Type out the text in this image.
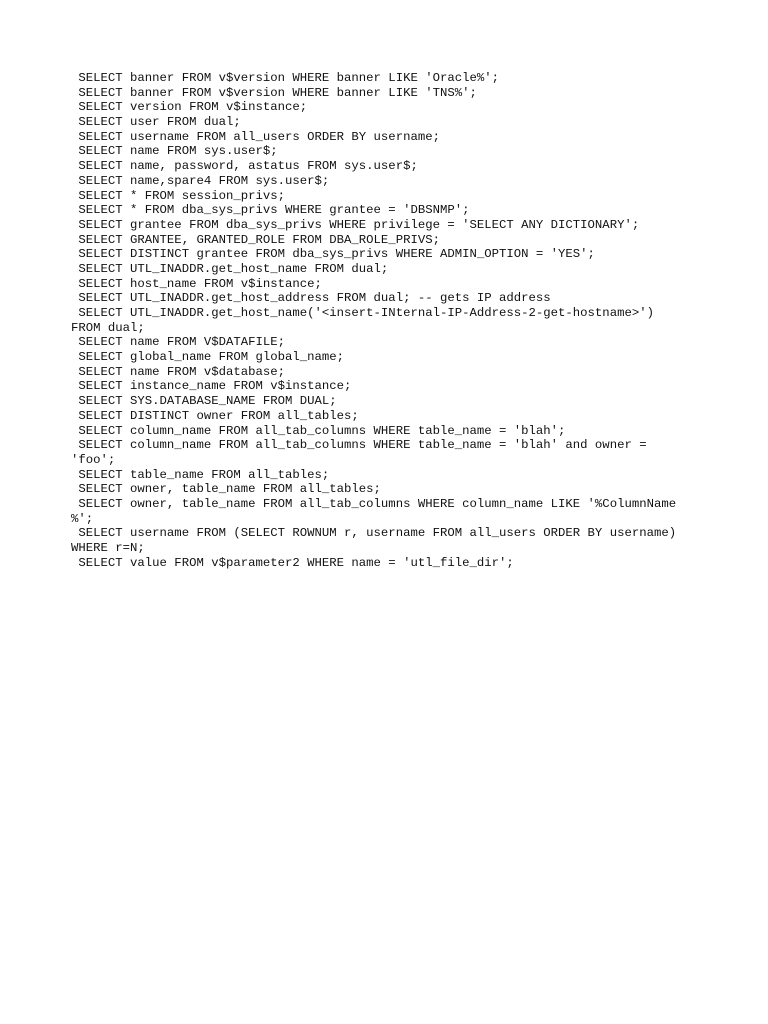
SELECT banner FROM v$version WHERE banner LIKE 'Oracle%';
SELECT banner FROM v$version WHERE banner LIKE 'TNS%';
SELECT version FROM v$instance;
SELECT user FROM dual;
SELECT username FROM all_users ORDER BY username;
SELECT name FROM sys.user$;
SELECT name, password, astatus FROM sys.user$;
SELECT name,spare4 FROM sys.user$;
SELECT * FROM session_privs;
SELECT * FROM dba_sys_privs WHERE grantee = 'DBSNMP';
SELECT grantee FROM dba_sys_privs WHERE privilege = 'SELECT ANY DICTIONARY';
SELECT GRANTEE, GRANTED_ROLE FROM DBA_ROLE_PRIVS;
SELECT DISTINCT grantee FROM dba_sys_privs WHERE ADMIN_OPTION = 'YES';
SELECT UTL_INADDR.get_host_name FROM dual;
SELECT host_name FROM v$instance;
SELECT UTL_INADDR.get_host_address FROM dual; -- gets IP address
SELECT UTL_INADDR.get_host_name('<insert-INternal-IP-Address-2-get-hostname>')
FROM dual;
SELECT name FROM V$DATAFILE;
SELECT global_name FROM global_name;
SELECT name FROM v$database;
SELECT instance_name FROM v$instance;
SELECT SYS.DATABASE_NAME FROM DUAL;
SELECT DISTINCT owner FROM all_tables;
SELECT column_name FROM all_tab_columns WHERE table_name = 'blah';
SELECT column_name FROM all_tab_columns WHERE table_name = 'blah' and owner =
'foo';
SELECT table_name FROM all_tables;
SELECT owner, table_name FROM all_tables;
SELECT owner, table_name FROM all_tab_columns WHERE column_name LIKE '%ColumnName
%';
SELECT username FROM (SELECT ROWNUM r, username FROM all_users ORDER BY username)
WHERE r=N;
SELECT value FROM v$parameter2 WHERE name = 'utl_file_dir';
